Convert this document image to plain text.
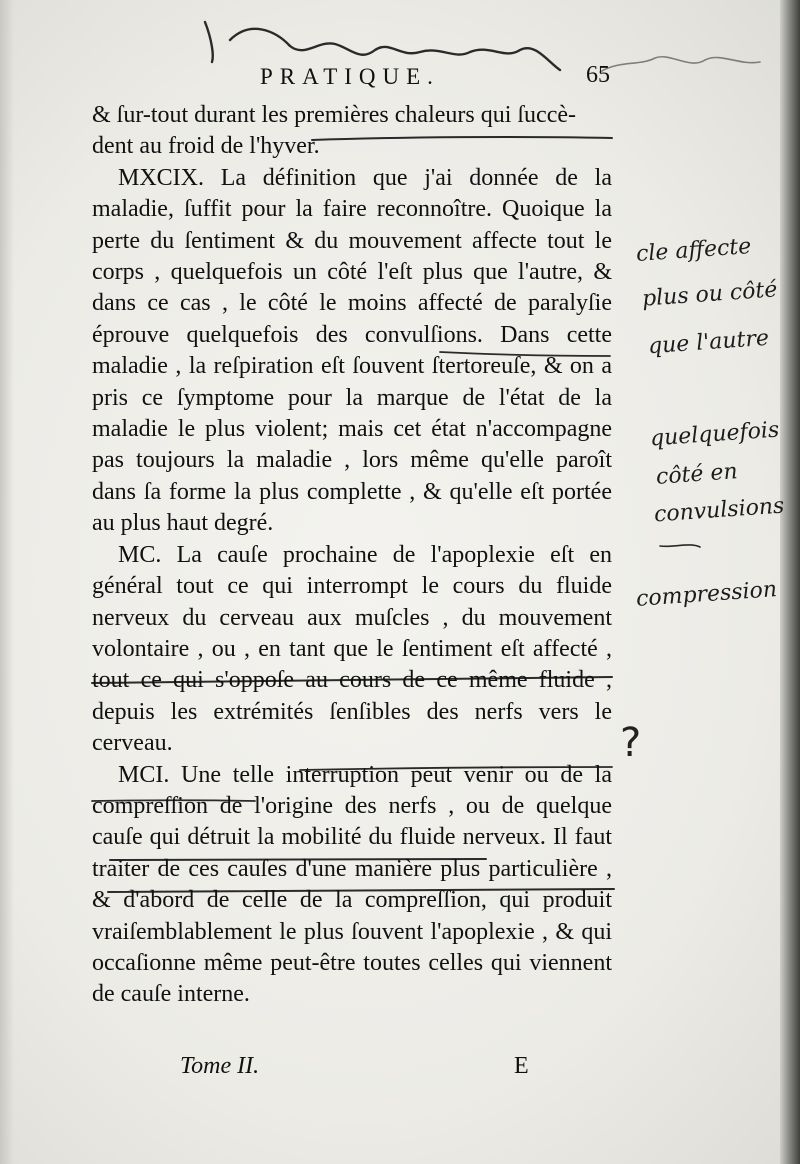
PRATIQUE.	65

& ſur-tout durant les premières chaleurs qui ſuccè-

dent au froid de l'hyver.

MXCIX. La définition que j'ai donnée de la maladie, ſuffit pour la faire reconnoître. Quoique la perte du ſentiment & du mouvement affecte tout le corps , quelquefois un côté l'eſt plus que l'autre, & dans ce cas , le côté le moins affecté de paralyſie éprouve quelquefois des convulſions. Dans cette maladie , la reſpiration eſt ſouvent ſtertoreuſe, & on a pris ce ſymptome pour la marque de l'état de la maladie le plus violent; mais cet état n'accompagne pas toujours la maladie , lors même qu'elle paroît dans ſa forme la plus complette , & qu'elle eſt portée au plus haut degré.

MC. La cauſe prochaine de l'apoplexie eſt en général tout ce qui interrompt le cours du fluide nerveux du cerveau aux muſcles , du mouvement volontaire , ou , en tant que le ſentiment eſt affecté , tout ce qui s'oppoſe au cours de ce même fluide , depuis les extrémités ſenſibles des nerfs vers le cerveau.

MCI. Une telle interruption peut venir ou de la compreſſion de l'origine des nerfs , ou de quelque cauſe qui détruit la mobilité du fluide nerveux. Il faut traiter de ces cauſes d'une manière plus particulière , & d'abord de celle de la compreſſion, qui produit vraiſemblablement le plus ſouvent l'apoplexie , & qui occaſionne même peut-être toutes celles qui viennent de cauſe interne.

Tome II.	E
cle affecte
plus ou côté
que l'autre
quelquefois
côté en
convulsions
compression
?
